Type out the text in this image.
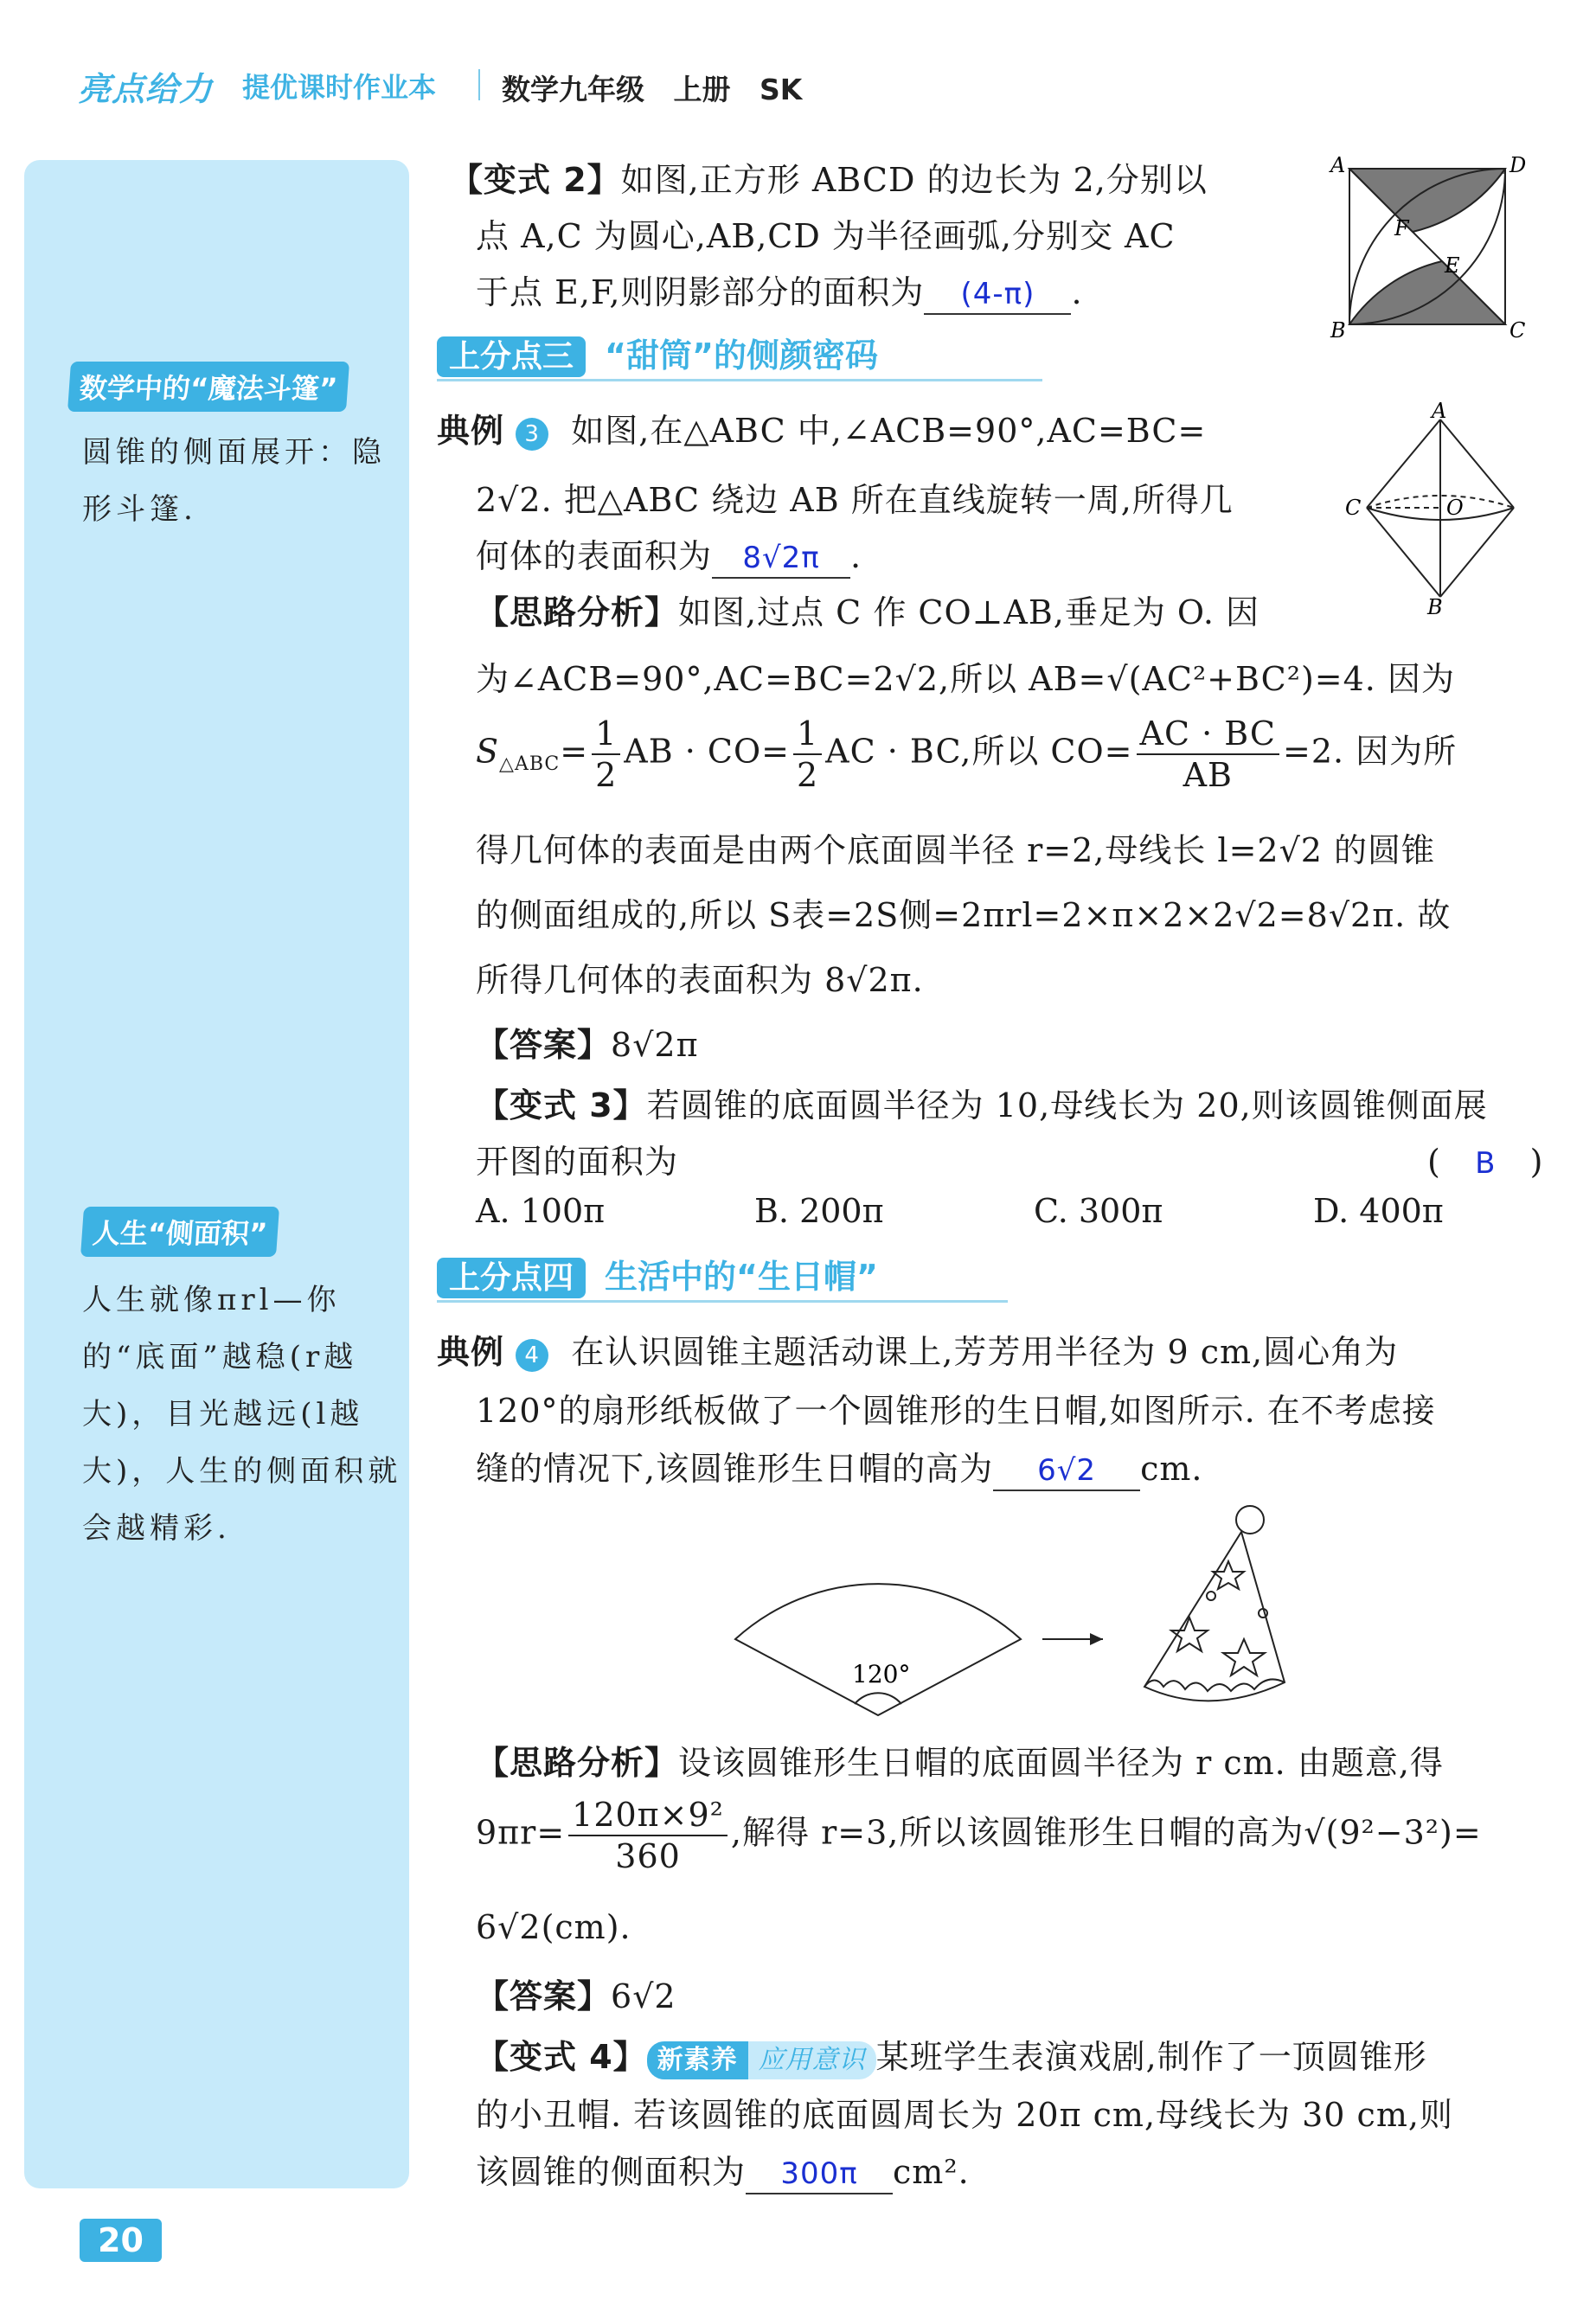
亮点给力 提优课时作业本 数学九年级 上册 SK
数学中的“魔法斗篷”
圆锥的侧面展开：隐形斗篷.
人生“侧面积”
人生就像πrl—你的“底面”越稳(r越大)，目光越远(l越大)，人生的侧面积就会越精彩.
【变式 2】如图,正方形 ABCD 的边长为 2,分别以
点 A,C 为圆心,AB,CD 为半径画弧,分别交 AC
于点 E,F,则阴影部分的面积为 (4-π) .
A	D
F
E
B	C
上分点三 “甜筒”的侧颜密码
典例 3 如图,在△ABC 中,∠ACB=90°,AC=BC=
2√2. 把△ABC 绕边 AB 所在直线旋转一周,所得几
何体的表面积为 8√2π .
A
C	O
B
【思路分析】如图,过点 C 作 CO⊥AB,垂足为 O. 因
为∠ACB=90°,AC=BC=2√2,所以 AB=√(AC²+BC²)=4. 因为
$S_{\triangle ABC}= \frac{1}{2}$ AB · $CO= \frac{1}{2}$ AC · BC,所以 $CO= \frac{AC \cdot BC}{AB} =2$. 因为所
得几何体的表面是由两个底面圆半径 r=2,母线长 l=2√2 的圆锥
的侧面组成的,所以 S表=2S侧=2πrl=2×π×2×2√2=8√2π. 故
所得几何体的表面积为 8√2π.
【答案】8√2π
【变式 3】若圆锥的底面圆半径为 10,母线长为 20,则该圆锥侧面展
开图的面积为	(   B   )
A. 100π	B. 200π	C. 300π	D. 400π
上分点四 生活中的“生日帽”
典例 4 在认识圆锥主题活动课上,芳芳用半径为 9 cm,圆心角为
120°的扇形纸板做了一个圆锥形的生日帽,如图所示. 在不考虑接
缝的情况下,该圆锥形生日帽的高为 6√2 cm.
120°
【思路分析】设该圆锥形生日帽的底面圆半径为 r cm. 由题意,得
$9\pi r= \frac{\text{120π×9²}}{360}$ ,解得 r=3,所以该圆锥形生日帽的高为√(9²−3²)=
6√2(cm).
【答案】6√2
【变式 4】 新素养 应用意识 某班学生表演戏剧,制作了一顶圆锥形
的小丑帽. 若该圆锥的底面圆周长为 20π cm,母线长为 30 cm,则
该圆锥的侧面积为 300π cm².
20
